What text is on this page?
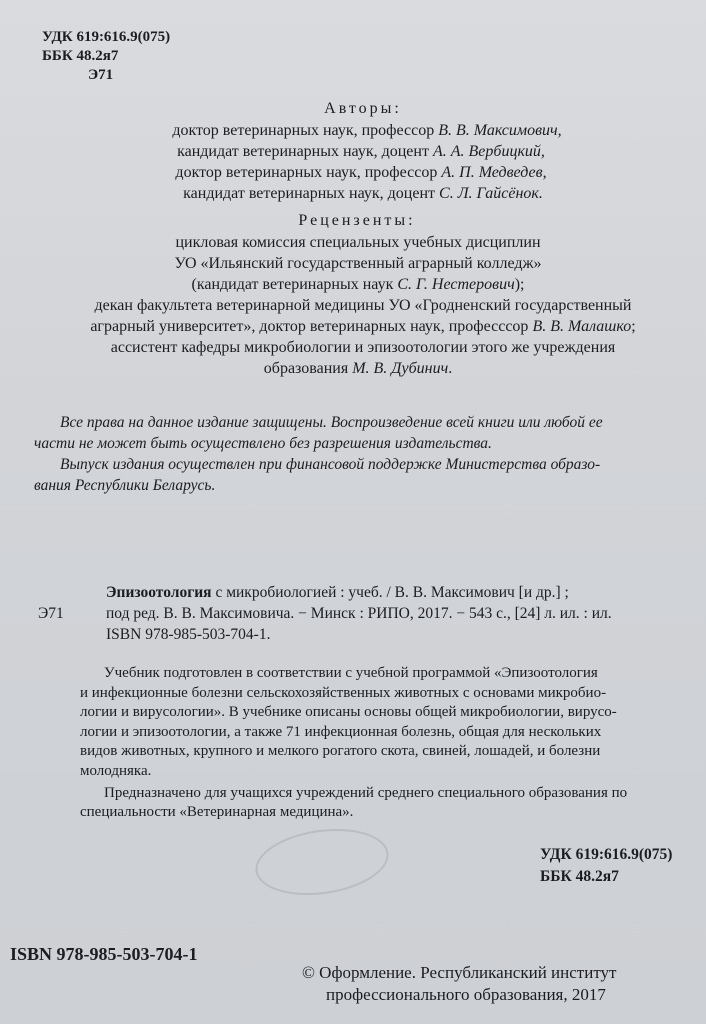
УДК 619:616.9(075)
ББК 48.2я7
Э71
Авторы:
доктор ветеринарных наук, профессор В. В. Максимович,
кандидат ветеринарных наук, доцент А. А. Вербицкий,
доктор ветеринарных наук, профессор А. П. Медведев,
кандидат ветеринарных наук, доцент С. Л. Гайсёнок.
Рецензенты:
цикловая комиссия специальных учебных дисциплин
УО «Ильянский государственный аграрный колледж»
(кандидат ветеринарных наук С. Г. Нестерович);
декан факультета ветеринарной медицины УО «Гродненский государственный
аграрный университет», доктор ветеринарных наук, професссор В. В. Малашко;
ассистент кафедры микробиологии и эпизоотологии этого же учреждения
образования М. В. Дубинич.
Все права на данное издание защищены. Воспроизведение всей книги или любой ее
части не может быть осуществлено без разрешения издательства.
Выпуск издания осуществлен при финансовой поддержке Министерства образо-
вания Республики Беларусь.
Э71
Эпизоотология с микробиологией : учеб. / В. В. Максимович [и др.] ;
под ред. В. В. Максимовича. − Минск : РИПО, 2017. − 543 с., [24] л. ил. : ил.
ISBN 978-985-503-704-1.
Учебник подготовлен в соответствии с учебной программой «Эпизоотология
и инфекционные болезни сельскохозяйственных животных с основами микробио-
логии и вирусологии». В учебнике описаны основы общей микробиологии, вирусо-
логии и эпизоотологии, а также 71 инфекционная болезнь, общая для нескольких
видов животных, крупного и мелкого рогатого скота, свиней, лошадей, и болезни
молодняка.
Предназначено для учащихся учреждений среднего специального образования по
специальности «Ветеринарная медицина».
УДК 619:616.9(075)
ББК 48.2я7
ISBN 978-985-503-704-1
© Оформление. Республиканский институт
профессионального образования, 2017
